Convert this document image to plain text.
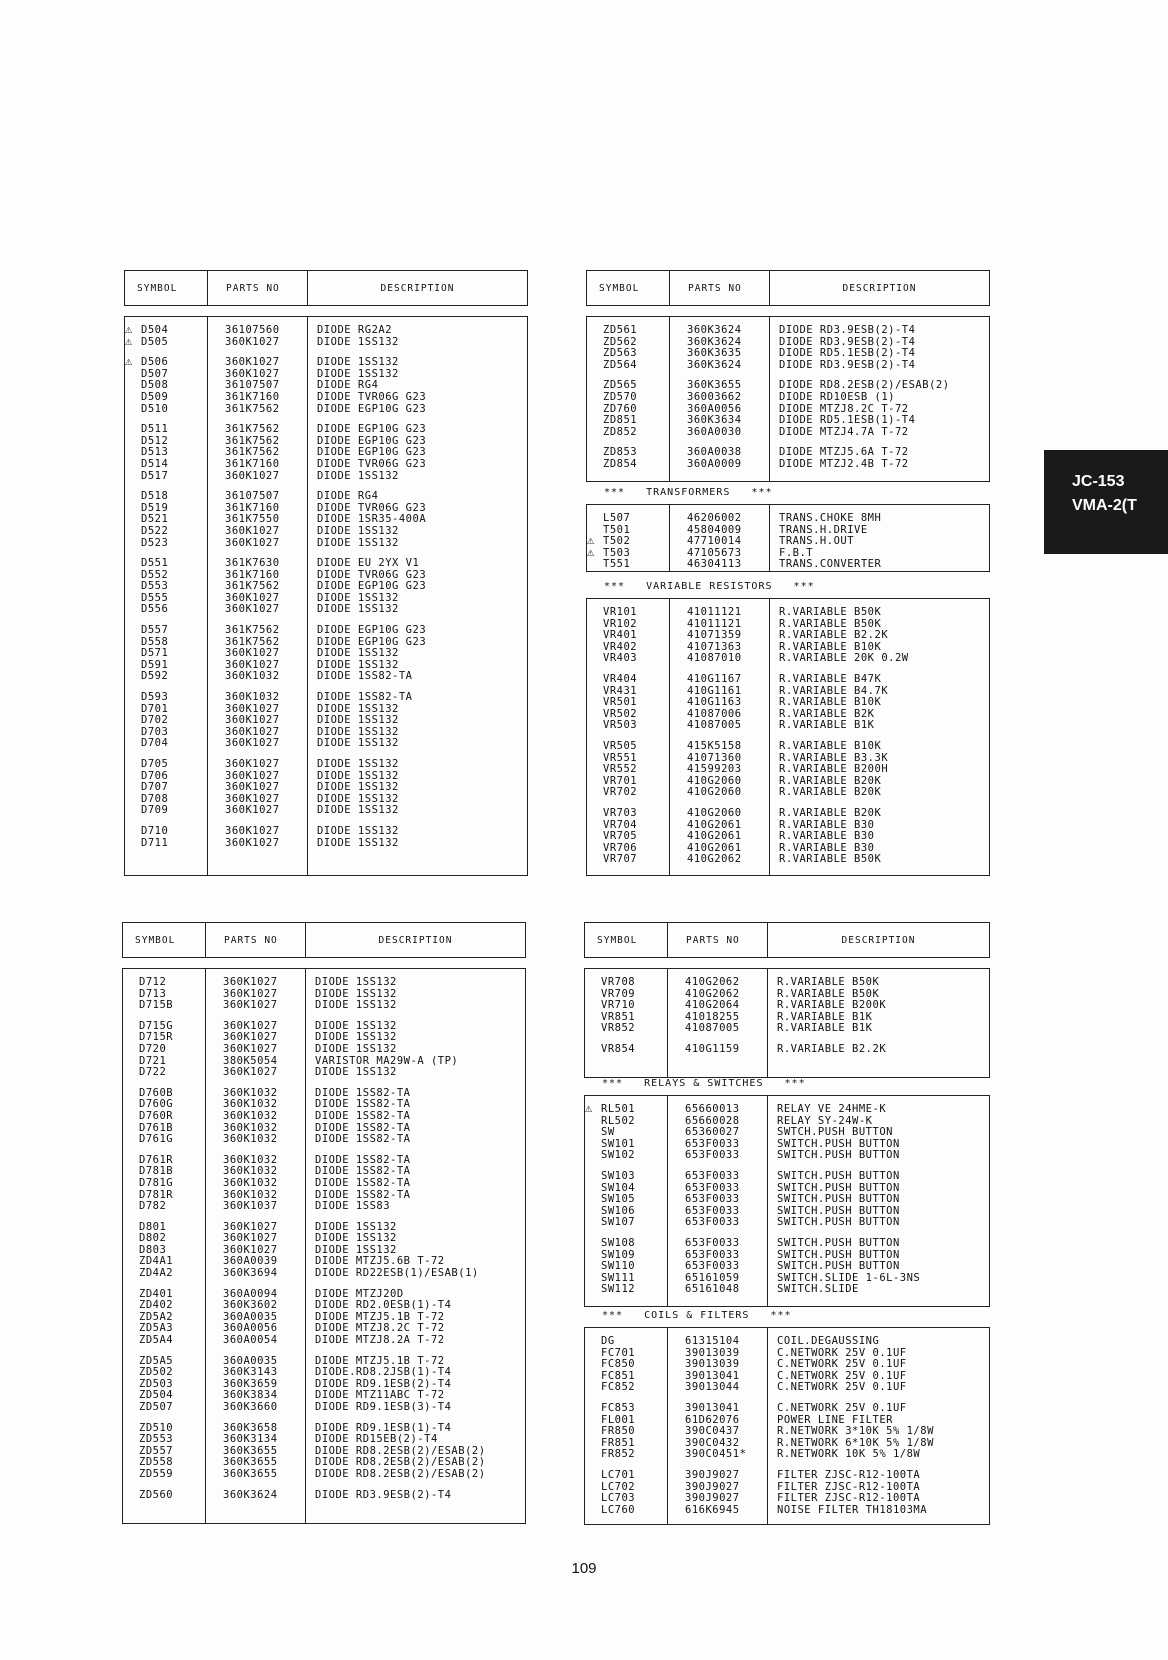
SYMBOL	PARTS NO	DESCRIPTION
⚠ D504	36107560	DIODE RG2A2
⚠ D505	360K1027	DIODE 1SS132
⚠ D506	360K1027	DIODE 1SS132
D507	360K1027	DIODE 1SS132
D508	36107507	DIODE RG4
D509	361K7160	DIODE TVR06G G23
D510	361K7562	DIODE EGP10G G23
D511	361K7562	DIODE EGP10G G23
D512	361K7562	DIODE EGP10G G23
D513	361K7562	DIODE EGP10G G23
D514	361K7160	DIODE TVR06G G23
D517	360K1027	DIODE 1SS132
D518	36107507	DIODE RG4
D519	361K7160	DIODE TVR06G G23
D521	361K7550	DIODE 1SR35-400A
D522	360K1027	DIODE 1SS132
D523	360K1027	DIODE 1SS132
D551	361K7630	DIODE EU 2YX V1
D552	361K7160	DIODE TVR06G G23
D553	361K7562	DIODE EGP10G G23
D555	360K1027	DIODE 1SS132
D556	360K1027	DIODE 1SS132
D557	361K7562	DIODE EGP10G G23
D558	361K7562	DIODE EGP10G G23
D571	360K1027	DIODE 1SS132
D591	360K1027	DIODE 1SS132
D592	360K1032	DIODE 1SS82-TA
D593	360K1032	DIODE 1SS82-TA
D701	360K1027	DIODE 1SS132
D702	360K1027	DIODE 1SS132
D703	360K1027	DIODE 1SS132
D704	360K1027	DIODE 1SS132
D705	360K1027	DIODE 1SS132
D706	360K1027	DIODE 1SS132
D707	360K1027	DIODE 1SS132
D708	360K1027	DIODE 1SS132
D709	360K1027	DIODE 1SS132
D710	360K1027	DIODE 1SS132
D711	360K1027	DIODE 1SS132
SYMBOL	PARTS NO	DESCRIPTION
ZD561	360K3624	DIODE RD3.9ESB(2)-T4
ZD562	360K3624	DIODE RD3.9ESB(2)-T4
ZD563	360K3635	DIODE RD5.1ESB(2)-T4
ZD564	360K3624	DIODE RD3.9ESB(2)-T4
ZD565	360K3655	DIODE RD8.2ESB(2)/ESAB(2)
ZD570	36003662	DIODE RD10ESB (1)
ZD760	360A0056	DIODE MTZJ8.2C T-72
ZD851	360K3634	DIODE RD5.1ESB(1)-T4
ZD852	360A0030	DIODE MTZJ4.7A T-72
ZD853	360A0038	DIODE MTZJ5.6A T-72
ZD854	360A0009	DIODE MTZJ2.4B T-72
***   TRANSFORMERS   ***
L507	46206002	TRANS.CHOKE 8MH
T501	45804009	TRANS.H.DRIVE
⚠ T502	47710014	TRANS.H.OUT
⚠ T503	47105673	F.B.T
T551	46304113	TRANS.CONVERTER
***   VARIABLE RESISTORS   ***
VR101	41011121	R.VARIABLE B50K
VR102	41011121	R.VARIABLE B50K
VR401	41071359	R.VARIABLE B2.2K
VR402	41071363	R.VARIABLE B10K
VR403	41087010	R.VARIABLE 20K 0.2W
VR404	410G1167	R.VARIABLE B47K
VR431	410G1161	R.VARIABLE B4.7K
VR501	410G1163	R.VARIABLE B10K
VR502	41087006	R.VARIABLE B2K
VR503	41087005	R.VARIABLE B1K
VR505	415K5158	R.VARIABLE B10K
VR551	41071360	R.VARIABLE B3.3K
VR552	41599203	R.VARIABLE B200H
VR701	410G2060	R.VARIABLE B20K
VR702	410G2060	R.VARIABLE B20K
VR703	410G2060	R.VARIABLE B20K
VR704	410G2061	R.VARIABLE B30
VR705	410G2061	R.VARIABLE B30
VR706	410G2061	R.VARIABLE B30
VR707	410G2062	R.VARIABLE B50K
SYMBOL	PARTS NO	DESCRIPTION
D712	360K1027	DIODE 1SS132
D713	360K1027	DIODE 1SS132
D715B	360K1027	DIODE 1SS132
D715G	360K1027	DIODE 1SS132
D715R	360K1027	DIODE 1SS132
D720	360K1027	DIODE 1SS132
D721	380K5054	VARISTOR MA29W-A (TP)
D722	360K1027	DIODE 1SS132
D760B	360K1032	DIODE 1SS82-TA
D760G	360K1032	DIODE 1SS82-TA
D760R	360K1032	DIODE 1SS82-TA
D761B	360K1032	DIODE 1SS82-TA
D761G	360K1032	DIODE 1SS82-TA
D761R	360K1032	DIODE 1SS82-TA
D781B	360K1032	DIODE 1SS82-TA
D781G	360K1032	DIODE 1SS82-TA
D781R	360K1032	DIODE 1SS82-TA
D782	360K1037	DIODE 1SS83
D801	360K1027	DIODE 1SS132
D802	360K1027	DIODE 1SS132
D803	360K1027	DIODE 1SS132
ZD4A1	360A0039	DIODE MTZJ5.6B T-72
ZD4A2	360K3694	DIODE RD22ESB(1)/ESAB(1)
ZD401	360A0094	DIODE MTZJ20D
ZD402	360K3602	DIODE RD2.0ESB(1)-T4
ZD5A2	360A0035	DIODE MTZJ5.1B T-72
ZD5A3	360A0056	DIODE MTZJ8.2C T-72
ZD5A4	360A0054	DIODE MTZJ8.2A T-72
ZD5A5	360A0035	DIODE MTZJ5.1B T-72
ZD502	360K3143	DIODE.RD8.2JSB(1)-T4
ZD503	360K3659	DIODE RD9.1ESB(2)-T4
ZD504	360K3834	DIODE MTZ11ABC T-72
ZD507	360K3660	DIODE RD9.1ESB(3)-T4
ZD510	360K3658	DIODE RD9.1ESB(1)-T4
ZD553	360K3134	DIODE RD15EB(2)-T4
ZD557	360K3655	DIODE RD8.2ESB(2)/ESAB(2)
ZD558	360K3655	DIODE RD8.2ESB(2)/ESAB(2)
ZD559	360K3655	DIODE RD8.2ESB(2)/ESAB(2)
ZD560	360K3624	DIODE RD3.9ESB(2)-T4
SYMBOL	PARTS NO	DESCRIPTION
VR708	410G2062	R.VARIABLE B50K
VR709	410G2062	R.VARIABLE B50K
VR710	410G2064	R.VARIABLE B200K
VR851	41018255	R.VARIABLE B1K
VR852	41087005	R.VARIABLE B1K
VR854	410G1159	R.VARIABLE B2.2K
***   RELAYS & SWITCHES   ***
⚠ RL501	65660013	RELAY VE 24HME-K
RL502	65660028	RELAY SY-24W-K
SW	65360027	SWTCH.PUSH BUTTON
SW101	653F0033	SWITCH.PUSH BUTTON
SW102	653F0033	SWITCH.PUSH BUTTON
SW103	653F0033	SWITCH.PUSH BUTTON
SW104	653F0033	SWITCH.PUSH BUTTON
SW105	653F0033	SWITCH.PUSH BUTTON
SW106	653F0033	SWITCH.PUSH BUTTON
SW107	653F0033	SWITCH.PUSH BUTTON
SW108	653F0033	SWITCH.PUSH BUTTON
SW109	653F0033	SWITCH.PUSH BUTTON
SW110	653F0033	SWITCH.PUSH BUTTON
SW111	65161059	SWITCH.SLIDE 1-6L-3NS
SW112	65161048	SWITCH.SLIDE
***   COILS & FILTERS   ***
DG	61315104	COIL.DEGAUSSING
FC701	39013039	C.NETWORK 25V 0.1UF
FC850	39013039	C.NETWORK 25V 0.1UF
FC851	39013041	C.NETWORK 25V 0.1UF
FC852	39013044	C.NETWORK 25V 0.1UF
FC853	39013041	C.NETWORK 25V 0.1UF
FL001	61D62076	POWER LINE FILTER
FR850	390C0437	R.NETWORK 3*10K 5% 1/8W
FR851	390C0432	R.NETWORK 6*10K 5% 1/8W
FR852	390C0451*	R.NETWORK 10K 5% 1/8W
LC701	390J9027	FILTER ZJSC-R12-100TA
LC702	390J9027	FILTER ZJSC-R12-100TA
LC703	390J9027	FILTER ZJSC-R12-100TA
LC760	616K6945	NOISE FILTER TH18103MA
JC-153
VMA-2(T
109
